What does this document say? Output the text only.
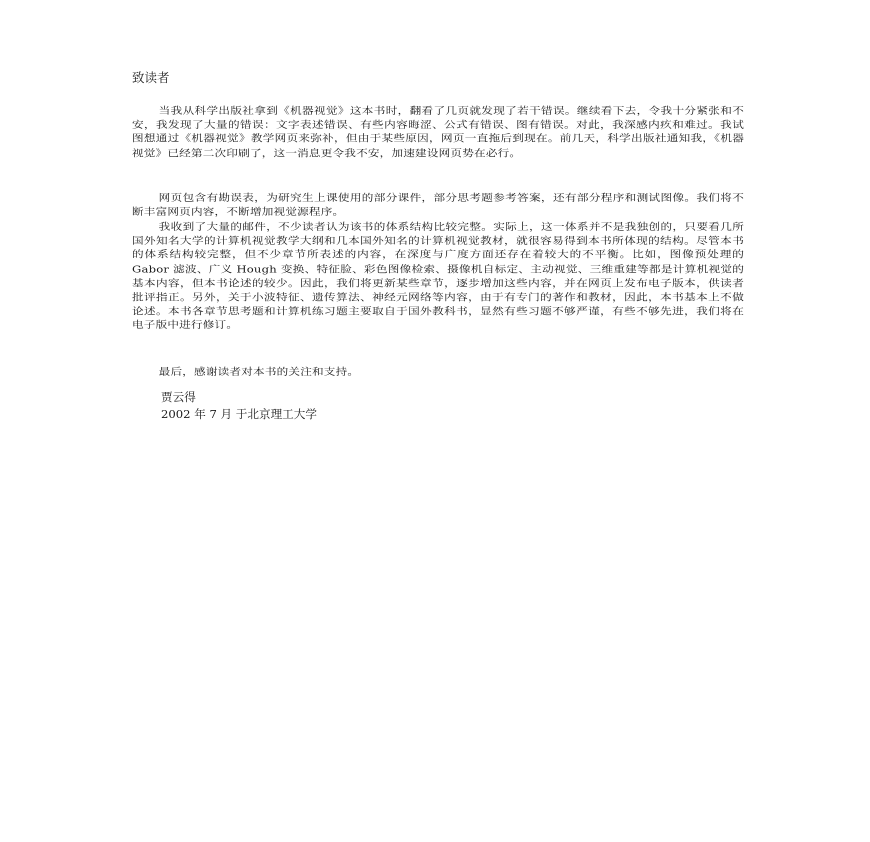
致读者

当我从科学出版社拿到《机器视觉》这本书时，翻看了几页就发现了若干错误。继续看下去，令我十分紧张和不安，我发现了大量的错误：文字表述错误、有些内容晦涩、公式有错误、图有错误。对此，我深感内疚和难过。我试图想通过《机器视觉》教学网页来弥补，但由于某些原因，网页一直拖后到现在。前几天，科学出版社通知我，《机器视觉》已经第二次印刷了，这一消息更令我不安，加速建设网页势在必行。

网页包含有勘误表，为研究生上课使用的部分课件，部分思考题参考答案，还有部分程序和测试图像。我们将不断丰富网页内容，不断增加视觉源程序。

我收到了大量的邮件，不少读者认为该书的体系结构比较完整。实际上，这一体系并不是我独创的，只要看几所国外知名大学的计算机视觉教学大纲和几本国外知名的计算机视觉教材，就很容易得到本书所体现的结构。尽管本书的体系结构较完整，但不少章节所表述的内容，在深度与广度方面还存在着较大的不平衡。比如，图像预处理的 Gabor 滤波、广义 Hough 变换、特征脸、彩色图像检索、摄像机自标定、主动视觉、三维重建等都是计算机视觉的基本内容，但本书论述的较少。因此，我们将更新某些章节，逐步增加这些内容，并在网页上发布电子版本，供读者批评指正。另外，关于小波特征、遗传算法、神经元网络等内容，由于有专门的著作和教材，因此，本书基本上不做论述。本书各章节思考题和计算机练习题主要取自于国外教科书，显然有些习题不够严谨，有些不够先进，我们将在电子版中进行修订。

最后，感谢读者对本书的关注和支持。

贾云得

2002 年 7 月 于北京理工大学
